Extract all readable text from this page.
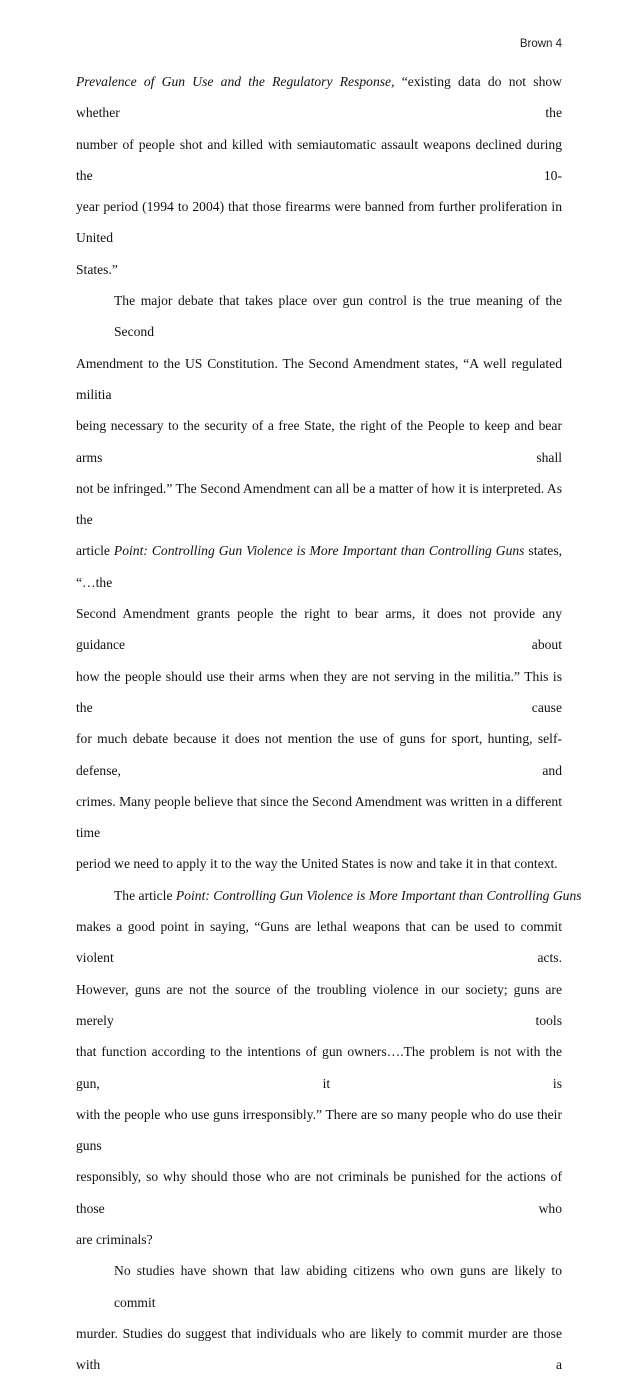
Brown 4

Prevalence of Gun Use and the Regulatory Response, “existing data do not show whether the
number of people shot and killed with semiautomatic assault weapons declined during the 10-
year period (1994 to 2004) that those firearms were banned from further proliferation in United
States.”

The major debate that takes place over gun control is the true meaning of the Second
Amendment to the US Constitution. The Second Amendment states, “A well regulated militia
being necessary to the security of a free State, the right of the People to keep and bear arms shall
not be infringed.” The Second Amendment can all be a matter of how it is interpreted. As the
article Point: Controlling Gun Violence is More Important than Controlling Guns states, “…the
Second Amendment grants people the right to bear arms, it does not provide any guidance about
how the people should use their arms when they are not serving in the militia.” This is the cause
for much debate because it does not mention the use of guns for sport, hunting, self-defense, and
crimes. Many people believe that since the Second Amendment was written in a different time
period we need to apply it to the way the United States is now and take it in that context.

The article Point: Controlling Gun Violence is More Important than Controlling Guns
makes a good point in saying, “Guns are lethal weapons that can be used to commit violent acts.
However, guns are not the source of the troubling violence in our society; guns are merely tools
that function according to the intentions of gun owners….The problem is not with the gun, it is
with the people who use guns irresponsibly.” There are so many people who do use their guns
responsibly, so why should those who are not criminals be punished for the actions of those who
are criminals?

No studies have shown that law abiding citizens who own guns are likely to commit
murder. Studies do suggest that individuals who are likely to commit murder are those with a
